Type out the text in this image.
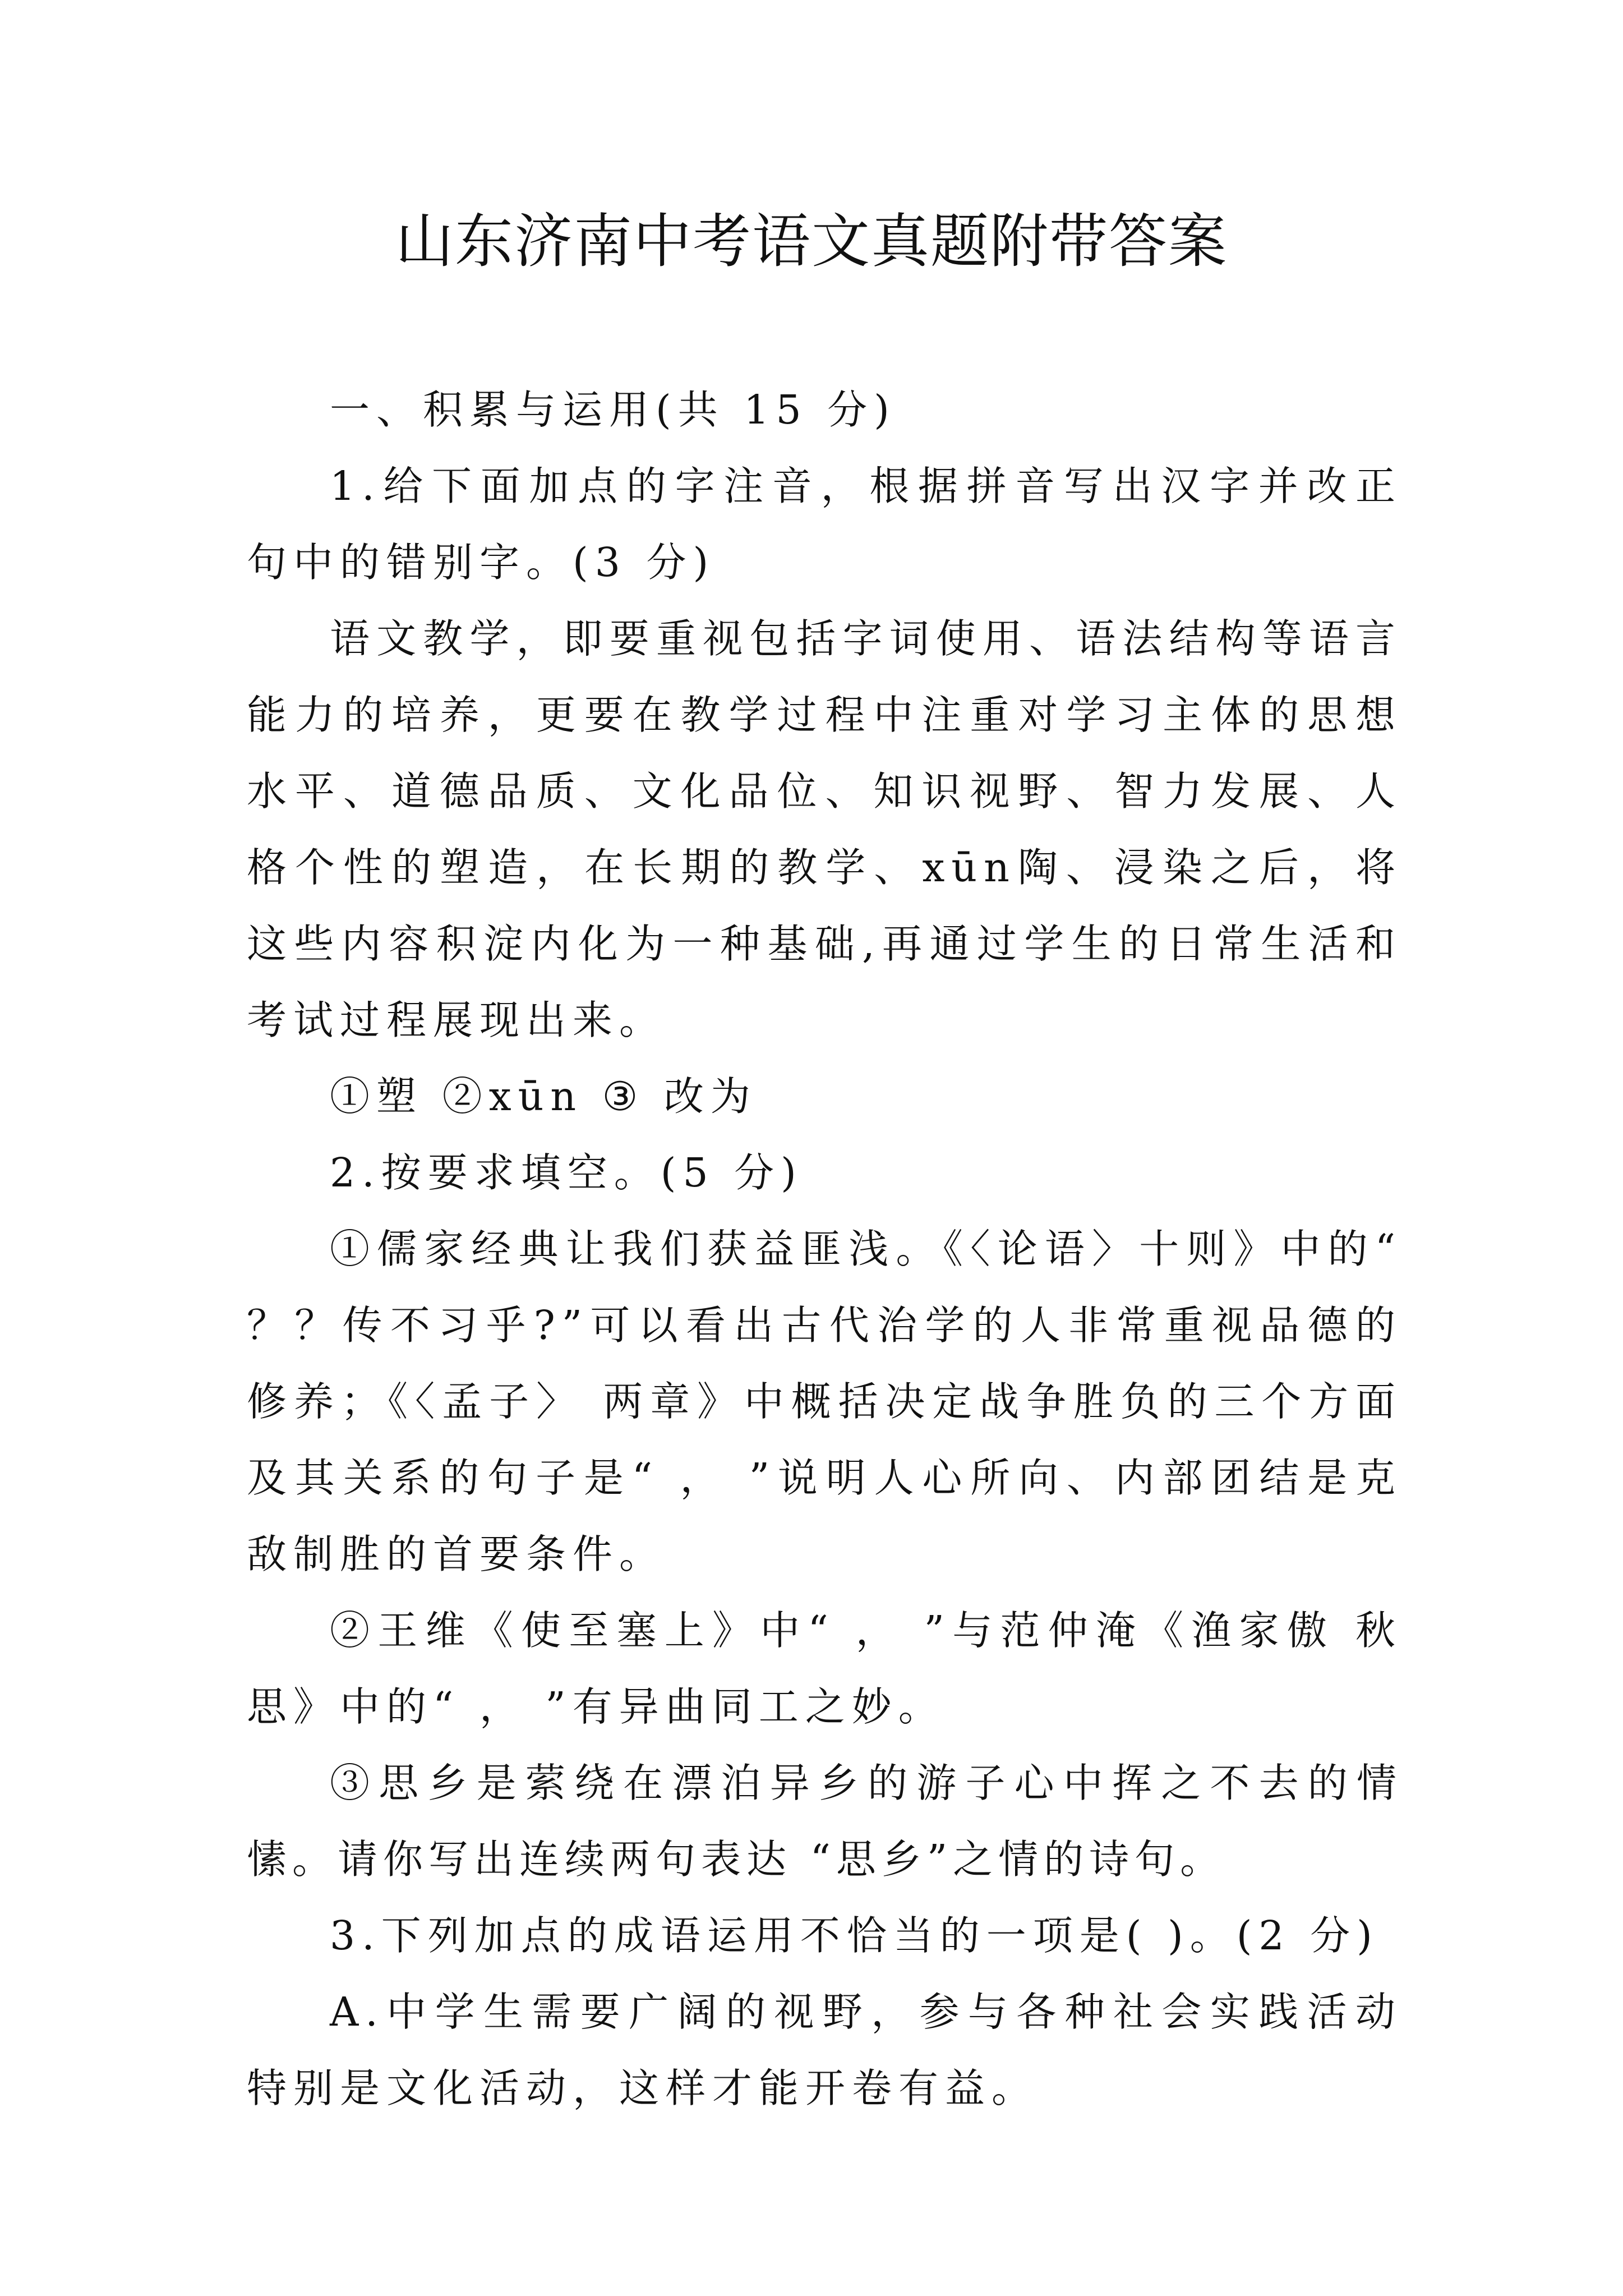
山东济南中考语文真题附带答案

一、积累与运用(共 15 分)

1.给下面加点的字注音，根据拼音写出汉字并改正句中的错别字。(3 分)

语文教学，即要重视包括字词使用、语法结构等语言能力的培养，更要在教学过程中注重对学习主体的思想水平、道德品质、文化品位、知识视野、智力发展、人格个性的塑造，在长期的教学、xūn陶、浸染之后，将这些内容积淀内化为一种基础,再通过学生的日常生活和考试过程展现出来。

①塑 ②xūn ③ 改为

2.按要求填空。(5 分)

①儒家经典让我们获益匪浅。《〈论语〉十则》中的“ ？？传不习乎?”可以看出古代治学的人非常重视品德的修养；《〈孟子〉 两章》中概括决定战争胜负的三个方面及其关系的句子是“ ， ”说明人心所向、内部团结是克敌制胜的首要条件。

②王维《使至塞上》中“ ， ”与范仲淹《渔家傲 秋思》中的“ ， ”有异曲同工之妙。

③思乡是萦绕在漂泊异乡的游子心中挥之不去的情愫。请你写出连续两句表达 “思乡”之情的诗句。

3.下列加点的成语运用不恰当的一项是( )。(2 分)

A.中学生需要广阔的视野，参与各种社会实践活动特别是文化活动，这样才能开卷有益。
